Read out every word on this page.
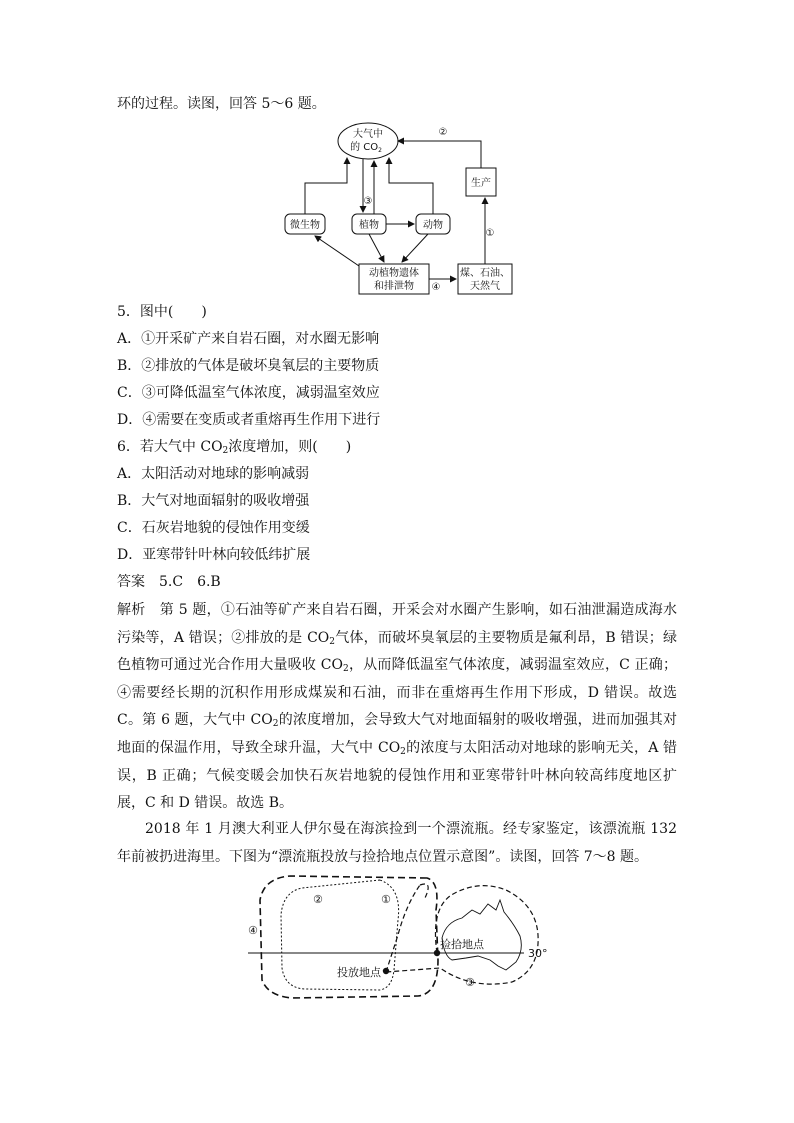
环的过程。读图，回答 5～6 题。
大气中
的 $CO_2$
生产
微生物	植物	动物
动植物遗体
和排泄物
煤、石油、
天然气
①
②
③
④
5．图中(　　)
A．①开采矿产来自岩石圈，对水圈无影响
B．②排放的气体是破坏臭氧层的主要物质
C．③可降低温室气体浓度，减弱温室效应
D．④需要在变质或者重熔再生作用下进行
6．若大气中 $CO_2$浓度增加，则(　　)
A．太阳活动对地球的影响减弱
B．大气对地面辐射的吸收增强
C．石灰岩地貌的侵蚀作用变缓
D．亚寒带针叶林向较低纬扩展
答案　5.C　6.B
解析　第 5 题，①石油等矿产来自岩石圈，开采会对水圈产生影响，如石油泄漏造成海水污染等，A 错误；②排放的是 $CO_2$气体，而破坏臭氧层的主要物质是氟利昂，B 错误；绿色植物可通过光合作用大量吸收 $CO_2$，从而降低温室气体浓度，减弱温室效应，C 正确；④需要经长期的沉积作用形成煤炭和石油，而非在重熔再生作用下形成，D 错误。故选 C。第 6 题，大气中 $CO_2$的浓度增加，会导致大气对地面辐射的吸收增强，进而加强其对地面的保温作用，导致全球升温，大气中 $CO_2$的浓度与太阳活动对地球的影响无关，A 错误，B 正确；气候变暖会加快石灰岩地貌的侵蚀作用和亚寒带针叶林向较高纬度地区扩展，C 和 D 错误。故选 B。
2018 年 1 月澳大利亚人伊尔曼在海滨捡到一个漂流瓶。经专家鉴定，该漂流瓶 132 年前被扔进海里。下图为“漂流瓶投放与捡拾地点位置示意图”。读图，回答 7～8 题。
捡拾地点
投放地点
30°
②	①
④
③
